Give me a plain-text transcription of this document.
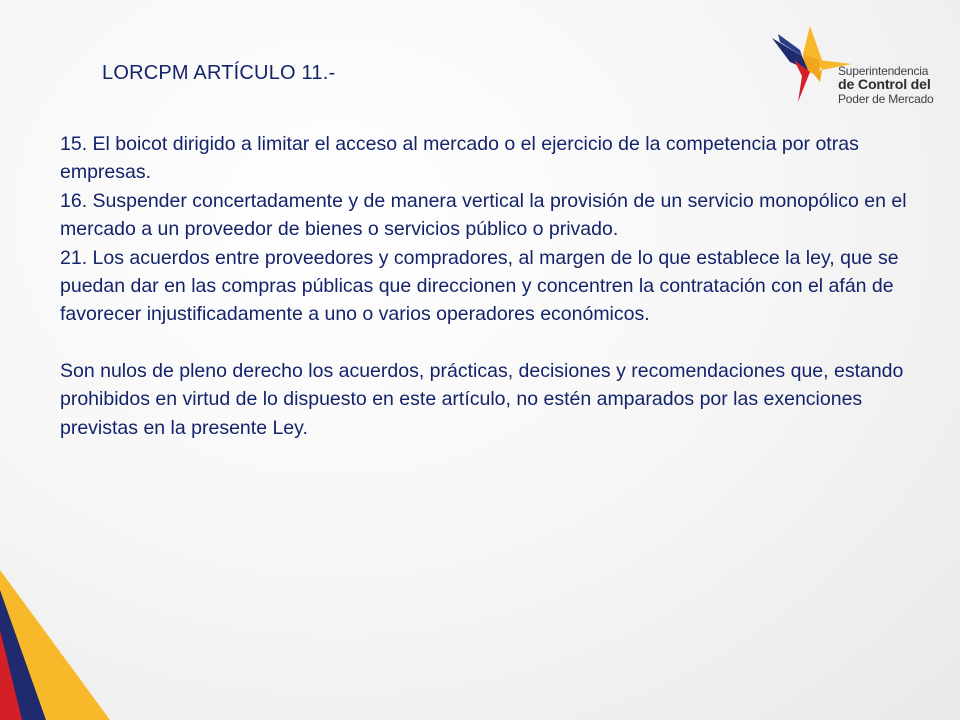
LORCPM ARTÍCULO 11.-	Superintendencia
de Control del
Poder de Mercado

15. El boicot dirigido a limitar el acceso al mercado o el ejercicio de la competencia por otras empresas.

16. Suspender concertadamente y de manera vertical la provisión de un servicio monopólico en el mercado a un proveedor de bienes o servicios público o privado.

21. Los acuerdos entre proveedores y compradores, al margen de lo que establece la ley, que se puedan dar en las compras públicas que direccionen y concentren la contratación con el afán de favorecer injustificadamente a uno o varios operadores económicos.

Son nulos de pleno derecho los acuerdos, prácticas, decisiones y recomendaciones que, estando prohibidos en virtud de lo dispuesto en este artículo, no estén amparados por las exenciones previstas en la presente Ley.
